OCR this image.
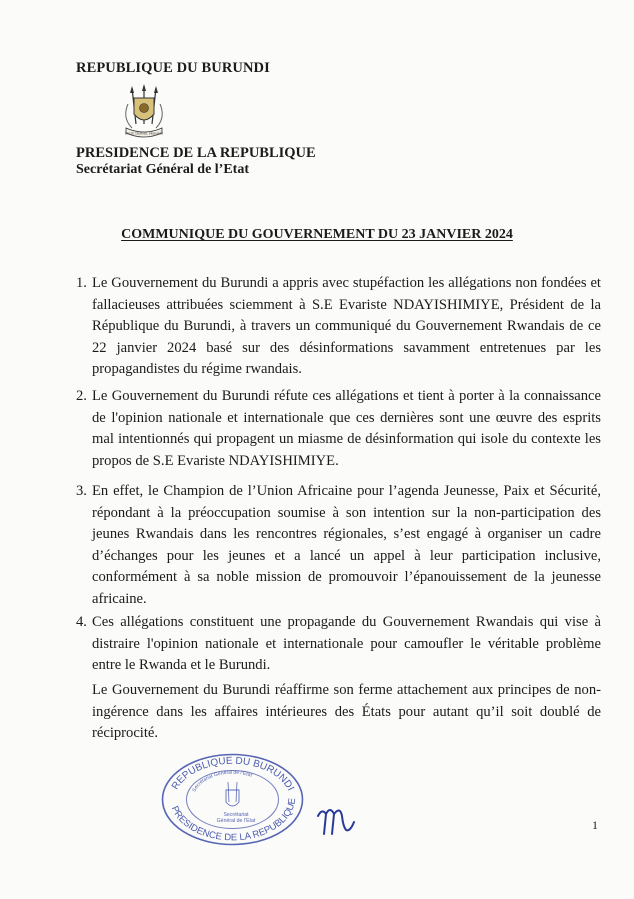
REPUBLIQUE DU BURUNDI
UNITÉ TRAVAIL PROGRÈS
PRESIDENCE DE LA REPUBLIQUE
Secrétariat Général de l’Etat
COMMUNIQUE DU GOUVERNEMENT DU 23 JANVIER 2024
1. Le Gouvernement du Burundi a appris avec stupéfaction les allégations non fondées et fallacieuses attribuées sciemment à S.E Evariste NDAYISHIMIYE, Président de la République du Burundi, à travers un communiqué du Gouvernement Rwandais de ce 22 janvier 2024 basé sur des désinformations savamment entretenues par les propagandistes du régime rwandais.
2. Le Gouvernement du Burundi réfute ces allégations et tient à porter à la connaissance de l'opinion nationale et internationale que ces dernières sont une œuvre des esprits mal intentionnés qui propagent un miasme de désinformation qui isole du contexte les propos de S.E Evariste NDAYISHIMIYE.
3. En effet, le Champion de l’Union Africaine pour l’agenda Jeunesse, Paix et Sécurité, répondant à la préoccupation soumise à son intention sur la non-participation des jeunes Rwandais dans les rencontres régionales, s’est engagé à organiser un cadre d’échanges pour les jeunes et a lancé un appel à leur participation inclusive, conformément à sa noble mission de promouvoir l’épanouissement de la jeunesse africaine.
4. Ces allégations constituent une propagande du Gouvernement Rwandais qui vise à distraire l'opinion nationale et internationale pour camoufler le véritable problème entre le Rwanda et le Burundi.
Le Gouvernement du Burundi réaffirme son ferme attachement aux principes de non-ingérence dans les affaires intérieures des États pour autant qu’il soit doublé de réciprocité.
REPUBLIQUE DU BURUNDI
PRESIDENCE DE LA REPUBLIQUE
Secrétariat Général de l’Etat
Secrétariat
Général de l’Etat	1
